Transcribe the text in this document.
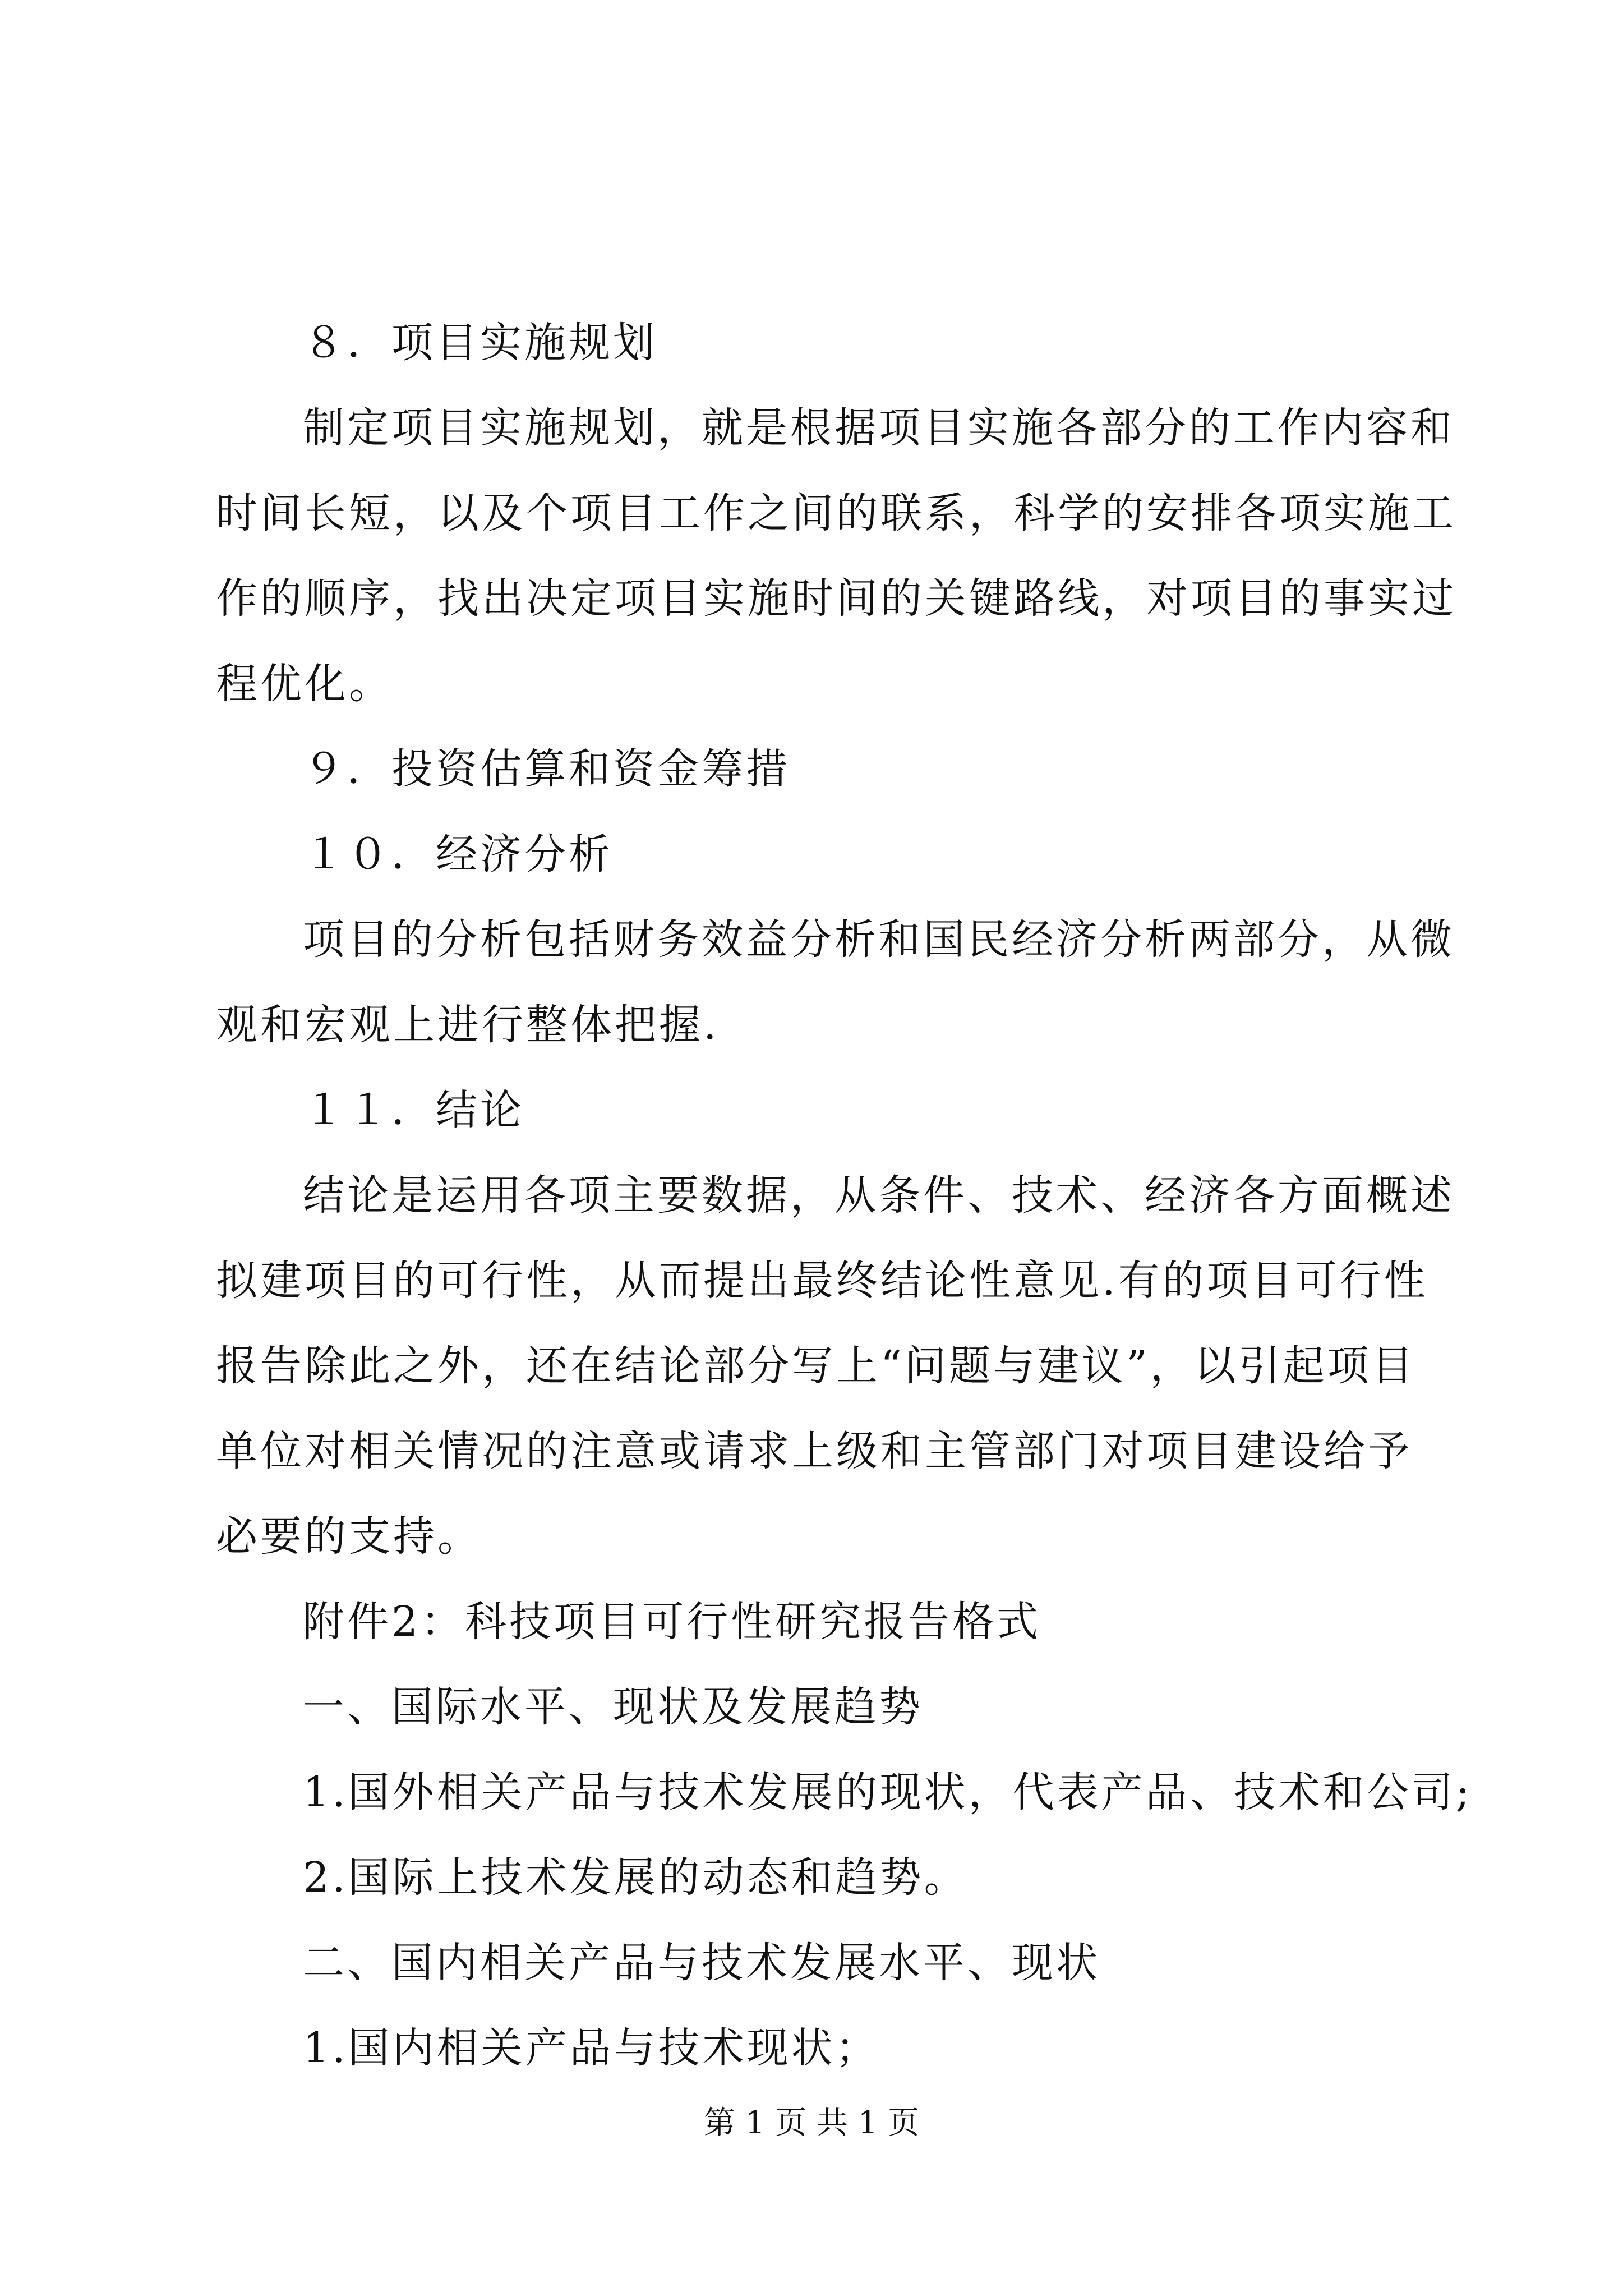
８．项目实施规划
制定项目实施规划，就是根据项目实施各部分的工作内容和
时间长短，以及个项目工作之间的联系，科学的安排各项实施工
作的顺序，找出决定项目实施时间的关键路线，对项目的事实过
程优化。
９．投资估算和资金筹措
１０．经济分析
项目的分析包括财务效益分析和国民经济分析两部分，从微
观和宏观上进行整体把握.
１１．结论
结论是运用各项主要数据，从条件、技术、经济各方面概述
拟建项目的可行性，从而提出最终结论性意见.有的项目可行性
报告除此之外，还在结论部分写上“问题与建议”，以引起项目
单位对相关情况的注意或请求上级和主管部门对项目建设给予
必要的支持。
附件2：科技项目可行性研究报告格式
一、国际水平、现状及发展趋势
1.国外相关产品与技术发展的现状，代表产品、技术和公司;
2.国际上技术发展的动态和趋势。
二、国内相关产品与技术发展水平、现状
1.国内相关产品与技术现状；
第 1 页 共 1 页
